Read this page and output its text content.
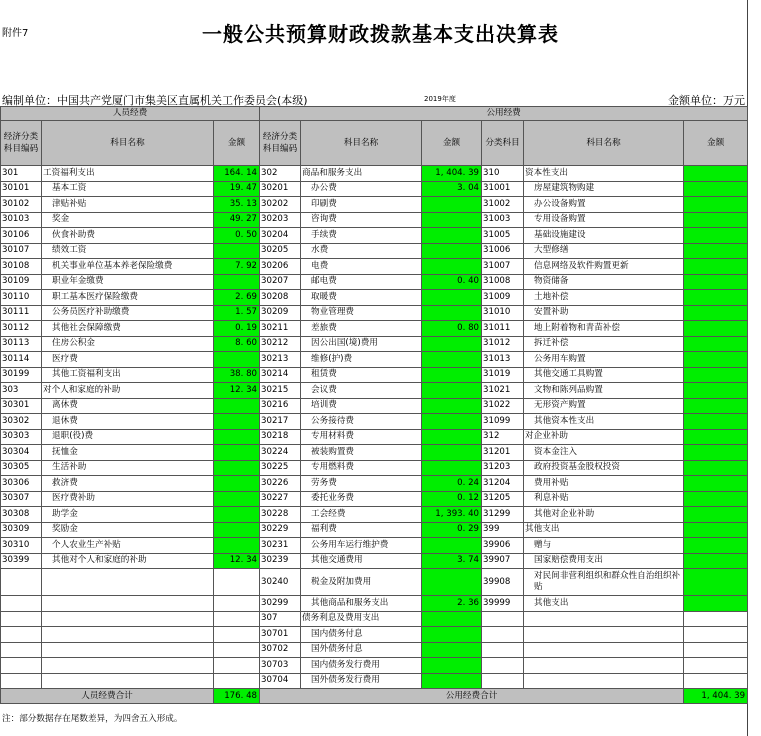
附件7	一般公共预算财政拨款基本支出决算表
编制单位：中国共产党厦门市集美区直属机关工作委员会(本级)	2019年度	金额单位：万元
人员经费			公用经费					
经济分类科目编码	科目名称	金额	经济分类科目编码	科目名称	金额	分类科目	科目名称	金额
301	工资福利支出	164. 14	302	商品和服务支出	1, 404. 39	310	资本性支出	
30101	基本工资	19. 47	30201	办公费	3. 04	31001	房屋建筑物购建	
30102	津贴补贴	35. 13	30202	印刷费		31002	办公设备购置	
30103	奖金	49. 27	30203	咨询费		31003	专用设备购置	
30106	伙食补助费	0. 50	30204	手续费		31005	基础设施建设	
30107	绩效工资		30205	水费		31006	大型修缮	
30108	机关事业单位基本养老保险缴费	7. 92	30206	电费		31007	信息网络及软件购置更新	
30109	职业年金缴费		30207	邮电费	0. 40	31008	物资储备	
30110	职工基本医疗保险缴费	2. 69	30208	取暖费		31009	土地补偿	
30111	公务员医疗补助缴费	1. 57	30209	物业管理费		31010	安置补助	
30112	其他社会保障缴费	0. 19	30211	差旅费	0. 80	31011	地上附着物和青苗补偿	
30113	住房公积金	8. 60	30212	因公出国(境)费用		31012	拆迁补偿	
30114	医疗费		30213	维修(护)费		31013	公务用车购置	
30199	其他工资福利支出	38. 80	30214	租赁费		31019	其他交通工具购置	
303	对个人和家庭的补助	12. 34	30215	会议费		31021	文物和陈列品购置	
30301	离休费		30216	培训费		31022	无形资产购置	
30302	退休费		30217	公务接待费		31099	其他资本性支出	
30303	退职(役)费		30218	专用材料费		312	对企业补助	
30304	抚恤金		30224	被装购置费		31201	资本金注入	
30305	生活补助		30225	专用燃料费		31203	政府投资基金股权投资	
30306	救济费		30226	劳务费	0. 24	31204	费用补贴	
30307	医疗费补助		30227	委托业务费	0. 12	31205	利息补贴	
30308	助学金		30228	工会经费	1, 393. 40	31299	其他对企业补助	
30309	奖励金		30229	福利费	0. 29	399	其他支出	
30310	个人农业生产补贴		30231	公务用车运行维护费		39906	赠与	
30399	其他对个人和家庭的补助	12. 34	30239	其他交通费用	3. 74	39907	国家赔偿费用支出	
			30240	税金及附加费用		39908	对民间非营利组织和群众性自治组织补贴	
			30299	其他商品和服务支出	2. 36	39999	其他支出	
			307	债务利息及费用支出				
			30701	国内债务付息				
			30702	国外债务付息				
			30703	国内债务发行费用				
			30704	国外债务发行费用				
人员经费合计		176. 48	公用经费合计					1, 404. 39
注：部分数据存在尾数差异，为四舍五入形成。
